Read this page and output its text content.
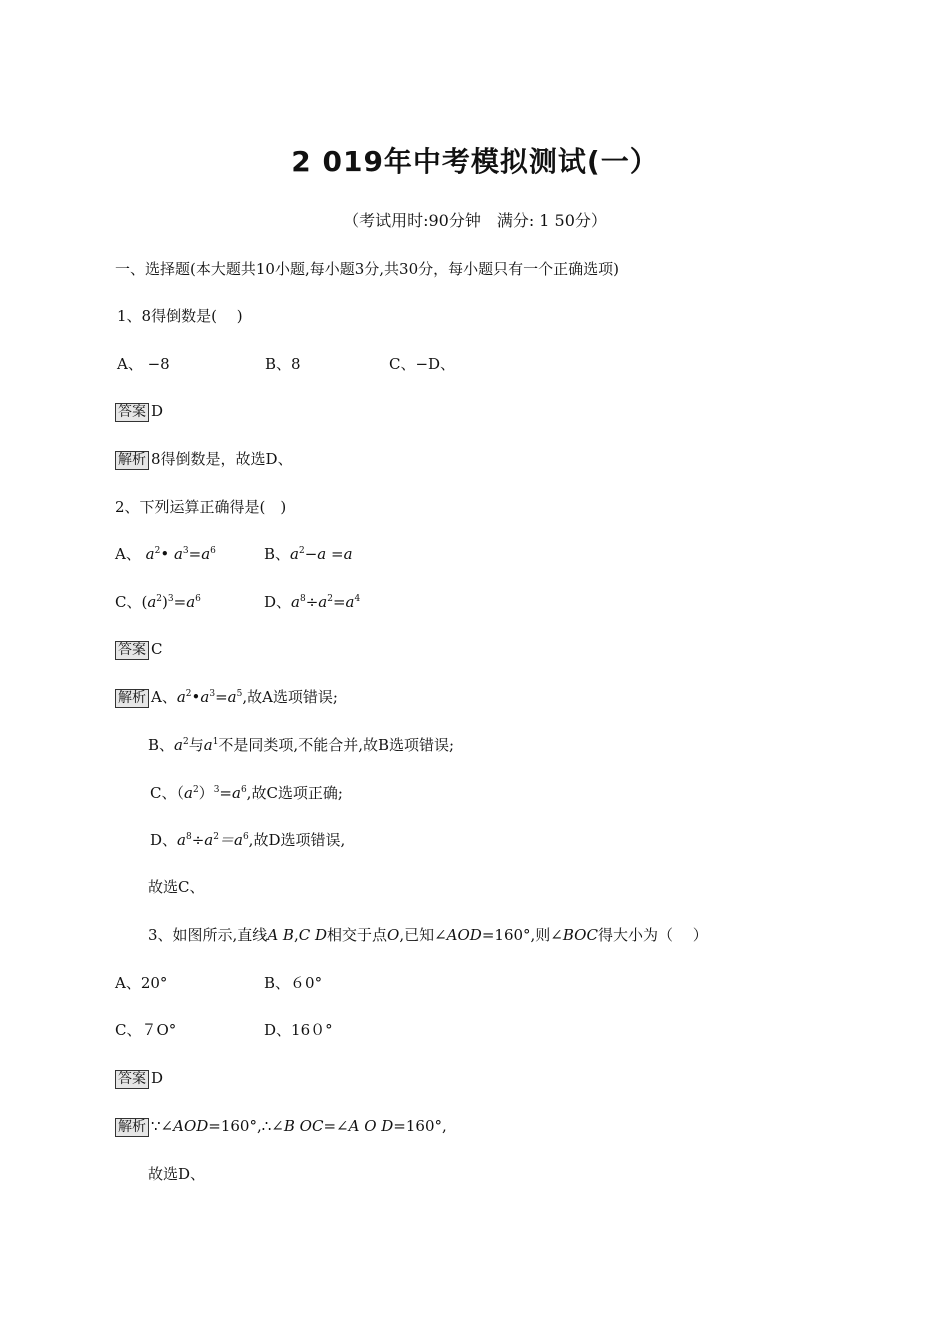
2 019年中考模拟测试(一）
（考试用时:90分钟　满分: 1 50分）
一、选择题(本大题共10小题,每小题3分,共30分，每小题只有一个正确选项)
1、8得倒数是(　 )
A、 −8	B、8	C、− D、
答案 D
解析 8得倒数是，故选D、
2、下列运算正确得是(　)
A、 $a^2•$ $a^3=a^6$	B、$a^2-a =a$
C、$(a^2)^3=a^6$	D、$a^8\div a^2=a^4$
答案 C
解析 A、$a^2•a^3=a^5$,故A选项错误;
B、$a^2$与$a^1$不是同类项,不能合并,故B选项错误;
C、$(a^2)^3=a^6$,故C选项正确;
D、$a^8\div a^2=a^6$,故D选项错误,
故选C、
3、如图所示,直线A B,C D相交于点O,已知∠AOD=160°,则∠BOC得大小为（　 ）
A、20°	B、６0°
C、７O°	D、16０°
答案 D
解析 ∵∠AOD=160°,∴∠B OC=∠A O D=160°,
故选D、
